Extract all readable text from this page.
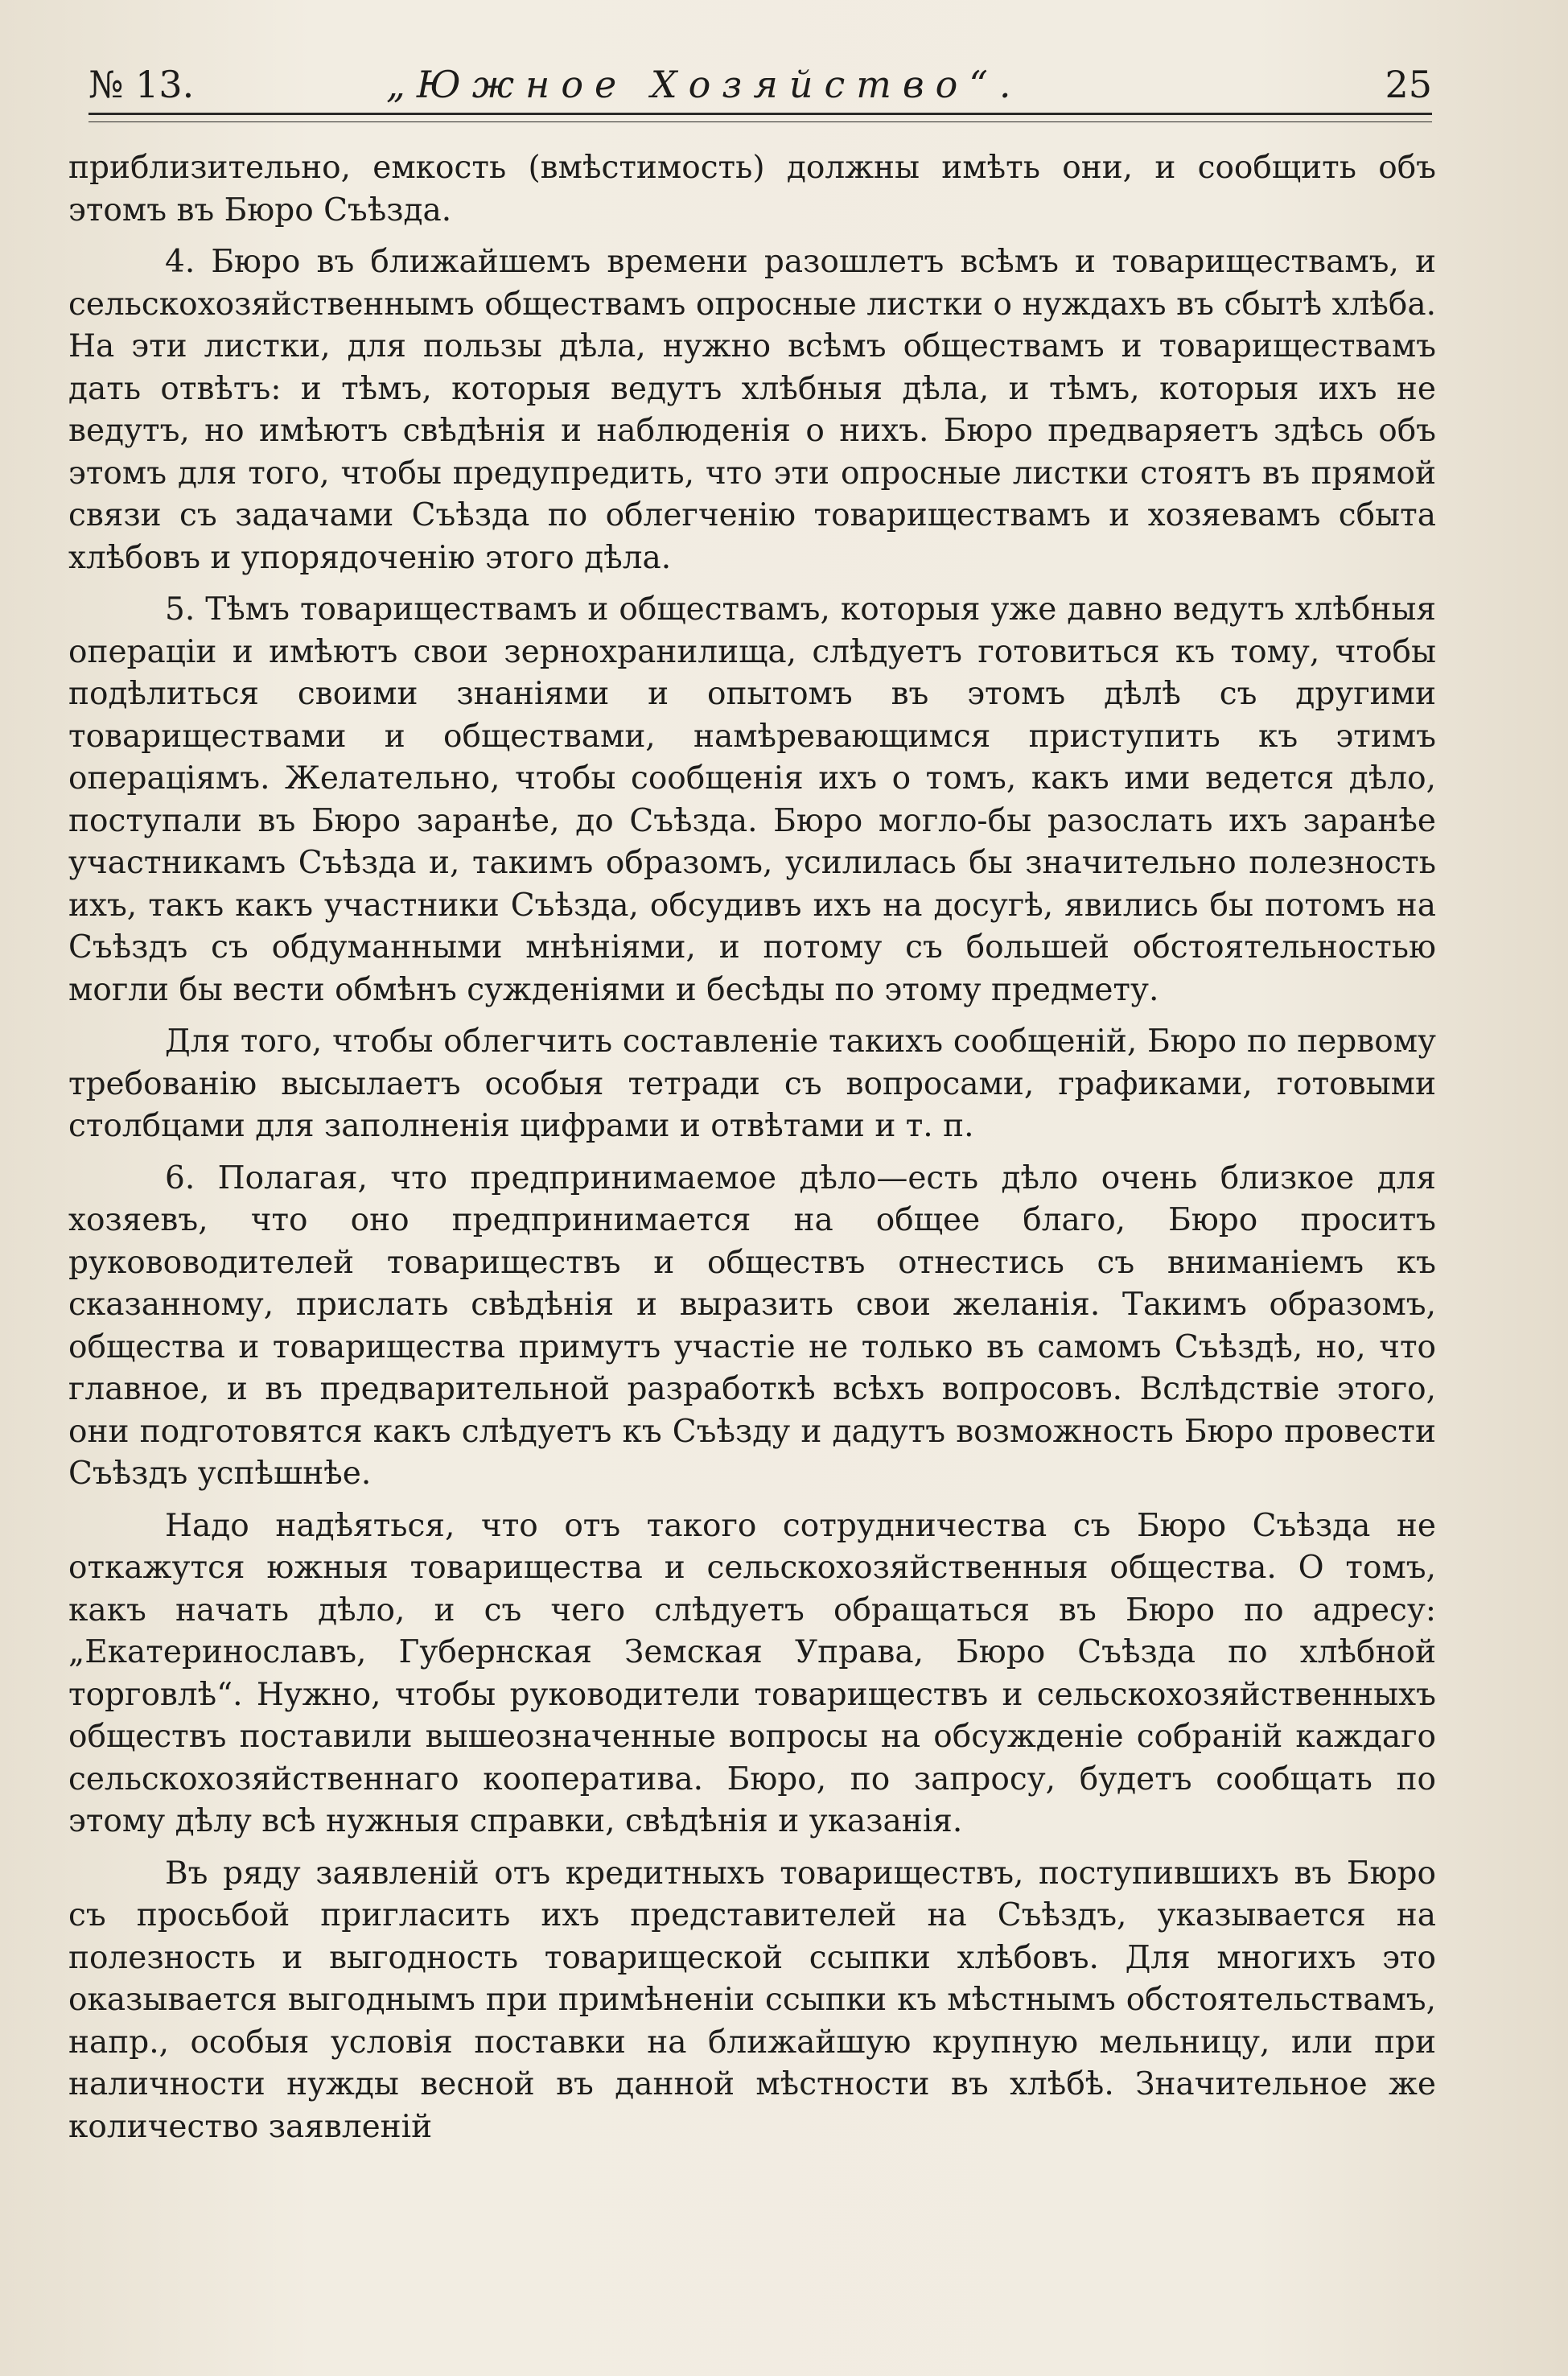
№ 13.	„Южное Хозяйство“.	25

приблизительно, емкость (вмѣстимость) должны имѣть они, и сообщить объ этомъ въ Бюро Съѣзда.

4. Бюро въ ближайшемъ времени разошлетъ всѣмъ и товариществамъ, и сельскохозяйственнымъ обществамъ опросные листки о нуждахъ въ сбытѣ хлѣба. На эти листки, для пользы дѣла, нужно всѣмъ обществамъ и товариществамъ дать отвѣтъ: и тѣмъ, которыя ведутъ хлѣбныя дѣла, и тѣмъ, которыя ихъ не ведутъ, но имѣютъ свѣдѣнія и наблюденія о нихъ. Бюро предваряетъ здѣсь объ этомъ для того, чтобы предупредить, что эти опросные листки стоятъ въ прямой связи съ задачами Съѣзда по облегченію товариществамъ и хозяевамъ сбыта хлѣбовъ и упорядоченію этого дѣла.

5. Тѣмъ товариществамъ и обществамъ, которыя уже давно ведутъ хлѣбныя операціи и имѣютъ свои зернохранилища, слѣдуетъ готовиться къ тому, чтобы подѣлиться своими знаніями и опытомъ въ этомъ дѣлѣ съ другими товариществами и обществами, намѣревающимся приступить къ этимъ операціямъ. Желательно, чтобы сообщенія ихъ о томъ, какъ ими ведется дѣло, поступали въ Бюро заранѣе, до Съѣзда. Бюро могло-бы разослать ихъ заранѣе участникамъ Съѣзда и, такимъ образомъ, усилилась бы значительно полезность ихъ, такъ какъ участники Съѣзда, обсудивъ ихъ на досугѣ, явились бы потомъ на Съѣздъ съ обдуманными мнѣніями, и потому съ большей обстоятельностью могли бы вести обмѣнъ сужденіями и бесѣды по этому предмету.

Для того, чтобы облегчить составленіе такихъ сообщеній, Бюро по первому требованію высылаетъ особыя тетради съ вопросами, графиками, готовыми столбцами для заполненія цифрами и отвѣтами и т. п.

6. Полагая, что предпринимаемое дѣло—есть дѣло очень близкое для хозяевъ, что оно предпринимается на общее благо, Бюро проситъ рукововодителей товариществъ и обществъ отнестись съ вниманіемъ къ сказанному, прислать свѣдѣнія и выразить свои желанія. Такимъ образомъ, общества и товарищества примутъ участіе не только въ самомъ Съѣздѣ, но, что главное, и въ предварительной разработкѣ всѣхъ вопросовъ. Вслѣдствіе этого, они подготовятся какъ слѣдуетъ къ Съѣзду и дадутъ возможность Бюро провести Съѣздъ успѣшнѣе.

Надо надѣяться, что отъ такого сотрудничества съ Бюро Съѣзда не откажутся южныя товарищества и сельскохозяйственныя общества. О томъ, какъ начать дѣло, и съ чего слѣдуетъ обращаться въ Бюро по адресу: „Екатеринославъ, Губернская Земская Управа, Бюро Съѣзда по хлѣбной торговлѣ“. Нужно, чтобы руководители товариществъ и сельскохозяйственныхъ обществъ поставили вышеозначенные вопросы на обсужденіе собраній каждаго сельскохозяйственнаго кооператива. Бюро, по запросу, будетъ сообщать по этому дѣлу всѣ нужныя справки, свѣдѣнія и указанія.

Въ ряду заявленій отъ кредитныхъ товариществъ, поступившихъ въ Бюро съ просьбой пригласить ихъ представителей на Съѣздъ, указывается на полезность и выгодность товарищеской ссыпки хлѣбовъ. Для многихъ это оказывается выгоднымъ при примѣненіи ссыпки къ мѣстнымъ обстоятельствамъ, напр., особыя условія поставки на ближайшую крупную мельницу, или при наличности нужды весной въ данной мѣстности въ хлѣбѣ. Значительное же количество заявленій
